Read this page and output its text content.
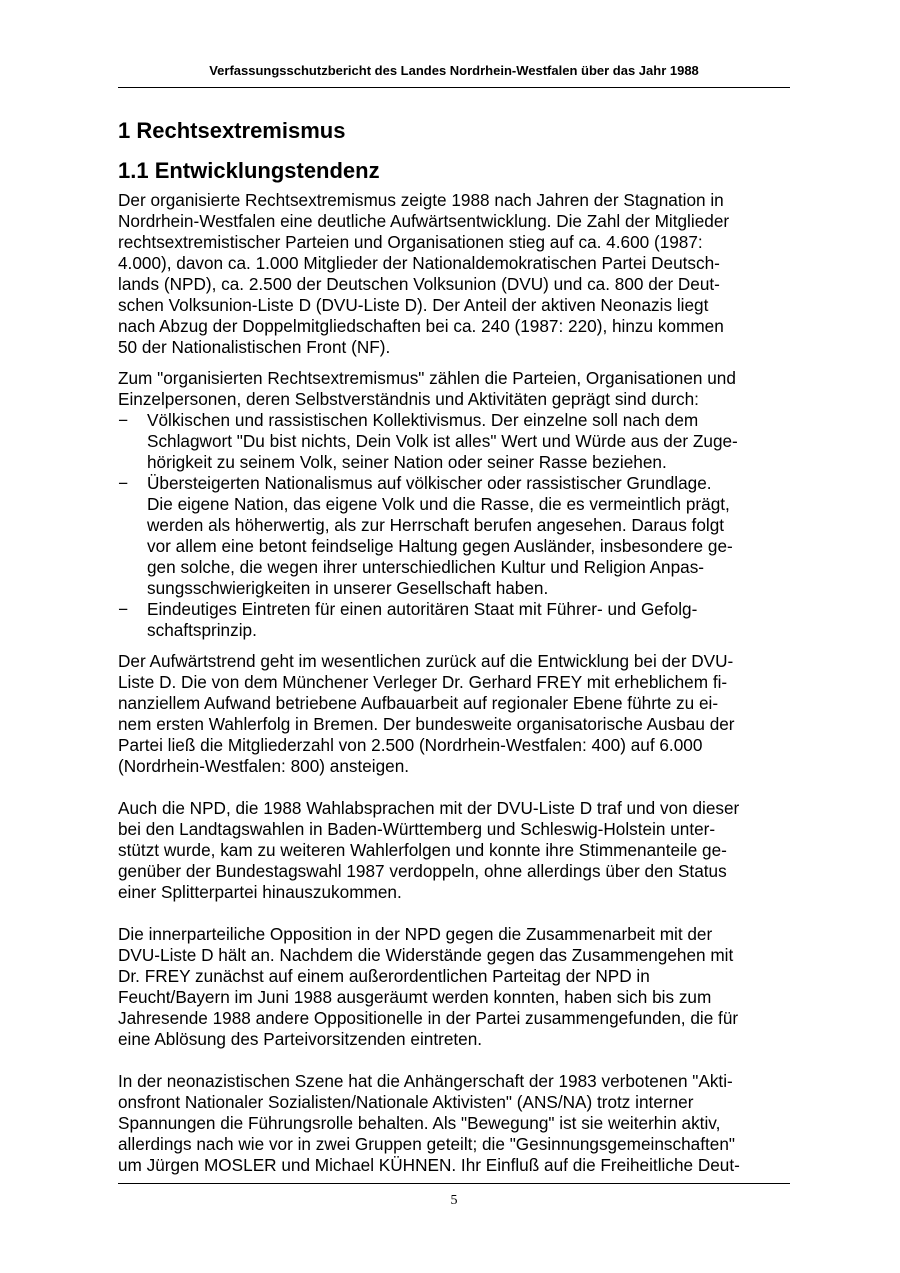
Verfassungsschutzbericht des Landes Nordrhein-Westfalen über das Jahr 1988
1 Rechtsextremismus
1.1 Entwicklungstendenz
Der organisierte Rechtsextremismus zeigte 1988 nach Jahren der Stagnation in
Nordrhein-Westfalen eine deutliche Aufwärtsentwicklung. Die Zahl der Mitglieder
rechtsextremistischer Parteien und Organisationen stieg auf ca. 4.600 (1987:
4.000), davon ca. 1.000 Mitglieder der Nationaldemokratischen Partei Deutsch-
lands (NPD), ca. 2.500 der Deutschen Volksunion (DVU) und ca. 800 der Deut-
schen Volksunion-Liste D (DVU-Liste D). Der Anteil der aktiven Neonazis liegt
nach Abzug der Doppelmitgliedschaften bei ca. 240 (1987: 220), hinzu kommen
50 der Nationalistischen Front (NF).
Zum "organisierten Rechtsextremismus" zählen die Parteien, Organisationen und
Einzelpersonen, deren Selbstverständnis und Aktivitäten geprägt sind durch:
−	Völkischen und rassistischen Kollektivismus. Der einzelne soll nach dem
Schlagwort "Du bist nichts, Dein Volk ist alles" Wert und Würde aus der Zuge-
hörigkeit zu seinem Volk, seiner Nation oder seiner Rasse beziehen.
−	Übersteigerten Nationalismus auf völkischer oder rassistischer Grundlage.
Die eigene Nation, das eigene Volk und die Rasse, die es vermeintlich prägt,
werden als höherwertig, als zur Herrschaft berufen angesehen. Daraus folgt
vor allem eine betont feindselige Haltung gegen Ausländer, insbesondere ge-
gen solche, die wegen ihrer unterschiedlichen Kultur und Religion Anpas-
sungsschwierigkeiten in unserer Gesellschaft haben.
−	Eindeutiges Eintreten für einen autoritären Staat mit Führer- und Gefolg-
schaftsprinzip.
Der Aufwärtstrend geht im wesentlichen zurück auf die Entwicklung bei der DVU-
Liste D. Die von dem Münchener Verleger Dr. Gerhard FREY mit erheblichem fi-
nanziellem Aufwand betriebene Aufbauarbeit auf regionaler Ebene führte zu ei-
nem ersten Wahlerfolg in Bremen. Der bundesweite organisatorische Ausbau der
Partei ließ die Mitgliederzahl von 2.500 (Nordrhein-Westfalen: 400) auf 6.000
(Nordrhein-Westfalen: 800) ansteigen.
Auch die NPD, die 1988 Wahlabsprachen mit der DVU-Liste D traf und von dieser
bei den Landtagswahlen in Baden-Württemberg und Schleswig-Holstein unter-
stützt wurde, kam zu weiteren Wahlerfolgen und konnte ihre Stimmenanteile ge-
genüber der Bundestagswahl 1987 verdoppeln, ohne allerdings über den Status
einer Splitterpartei hinauszukommen.
Die innerparteiliche Opposition in der NPD gegen die Zusammenarbeit mit der
DVU-Liste D hält an. Nachdem die Widerstände gegen das Zusammengehen mit
Dr. FREY zunächst auf einem außerordentlichen Parteitag der NPD in
Feucht/Bayern im Juni 1988 ausgeräumt werden konnten, haben sich bis zum
Jahresende 1988 andere Oppositionelle in der Partei zusammengefunden, die für
eine Ablösung des Parteivorsitzenden eintreten.
In der neonazistischen Szene hat die Anhängerschaft der 1983 verbotenen "Akti-
onsfront Nationaler Sozialisten/Nationale Aktivisten" (ANS/NA) trotz interner
Spannungen die Führungsrolle behalten. Als "Bewegung" ist sie weiterhin aktiv,
allerdings nach wie vor in zwei Gruppen geteilt; die "Gesinnungsgemeinschaften"
um Jürgen MOSLER und Michael KÜHNEN. Ihr Einfluß auf die Freiheitliche Deut-
5
